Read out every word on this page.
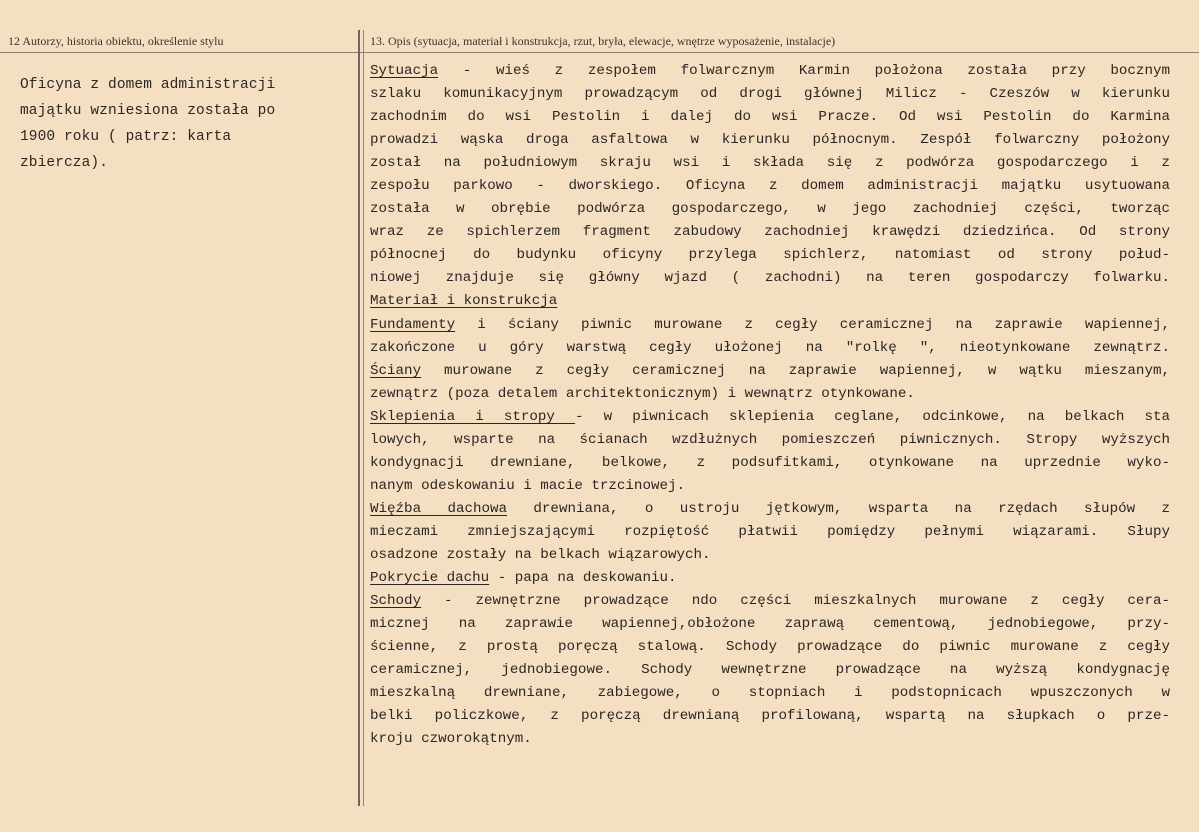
12 Autorzy, historia obiektu, określenie stylu	13. Opis (sytuacja, materiał i konstrukcja, rzut, bryła, elewacje, wnętrze wyposażenie, instalacje)
Oficyna z domem administracji
majątku wzniesiona została po
1900 roku ( patrz: karta
zbiercza).
Sytuacja - wieś z zespołem folwarcznym Karmin położona została przy bocznym
szlaku komunikacyjnym prowadzącym od drogi głównej Milicz - Czeszów w kierunku
zachodnim do wsi Pestolin i dalej do wsi Pracze. Od wsi Pestolin do Karmina
prowadzi wąska droga asfaltowa w kierunku północnym. Zespół folwarczny położony
został na południowym skraju wsi i składa się z podwórza gospodarczego i z
zespołu parkowo - dworskiego. Oficyna z domem administracji majątku usytuowana
została w obrębie podwórza gospodarczego, w jego zachodniej części, tworząc
wraz ze spichlerzem fragment zabudowy zachodniej krawędzi dziedzińca. Od strony
północnej do budynku oficyny przylega spichlerz, natomiast od strony połud-
niowej znajduje się główny wjazd ( zachodni) na teren gospodarczy folwarku.
Materiał i konstrukcja
Fundamenty i ściany piwnic murowane z cegły ceramicznej na zaprawie wapiennej,
zakończone u góry warstwą cegły ułożonej na "rolkę ", nieotynkowane zewnątrz.
Ściany murowane z cegły ceramicznej na zaprawie wapiennej, w wątku mieszanym,
zewnątrz (poza detalem architektonicznym) i wewnątrz otynkowane.
Sklepienia i stropy - w piwnicach sklepienia ceglane, odcinkowe, na belkach sta
lowych, wsparte na ścianach wzdłużnych pomieszczeń piwnicznych. Stropy wyższych
kondygnacji drewniane, belkowe, z podsufitkami, otynkowane na uprzednie wyko-
nanym odeskowaniu i macie trzcinowej.
Więźba dachowa drewniana, o ustroju jętkowym, wsparta na rzędach słupów z
mieczami zmniejszającymi rozpiętość płatwii pomiędzy pełnymi wiązarami. Słupy
osadzone zostały na belkach wiązarowych.
Pokrycie dachu - papa na deskowaniu.
Schody - zewnętrzne prowadzące ndo części mieszkalnych murowane z cegły cera-
micznej na zaprawie wapiennej,obłożone zaprawą cementową, jednobiegowe, przy-
ścienne, z prostą poręczą stalową. Schody prowadzące do piwnic murowane z cegły
ceramicznej, jednobiegowe. Schody wewnętrzne prowadzące na wyższą kondygnację
mieszkalną drewniane, zabiegowe, o stopniach i podstopnicach wpuszczonych w
belki policzkowe, z poręczą drewnianą profilowaną, wspartą na słupkach o prze-
kroju czworokątnym.
